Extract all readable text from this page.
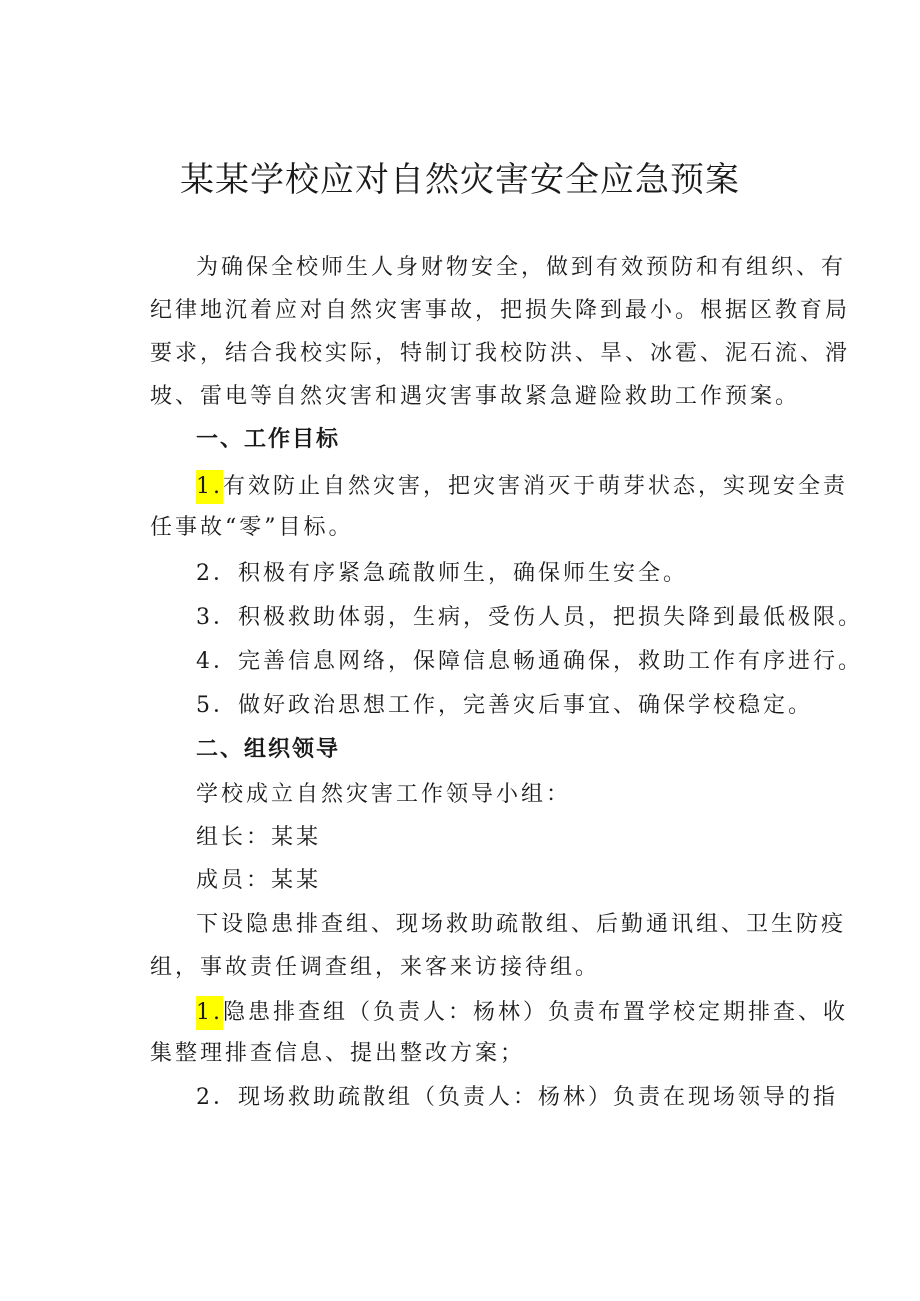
某某学校应对自然灾害安全应急预案
为确保全校师生人身财物安全，做到有效预防和有组织、有
纪律地沉着应对自然灾害事故，把损失降到最小。根据区教育局
要求，结合我校实际，特制订我校防洪、旱、冰雹、泥石流、滑
坡、雷电等自然灾害和遇灾害事故紧急避险救助工作预案。
一、工作目标
1.有效防止自然灾害，把灾害消灭于萌芽状态，实现安全责
任事故“零”目标。
2．积极有序紧急疏散师生，确保师生安全。
3．积极救助体弱，生病，受伤人员，把损失降到最低极限。
4．完善信息网络，保障信息畅通确保，救助工作有序进行。
5．做好政治思想工作，完善灾后事宜、确保学校稳定。
二、组织领导
学校成立自然灾害工作领导小组：
组长：某某
成员：某某
下设隐患排查组、现场救助疏散组、后勤通讯组、卫生防疫
组，事故责任调查组，来客来访接待组。
1.隐患排查组（负责人：杨林）负责布置学校定期排查、收
集整理排查信息、提出整改方案；
2．现场救助疏散组（负责人：杨林）负责在现场领导的指
